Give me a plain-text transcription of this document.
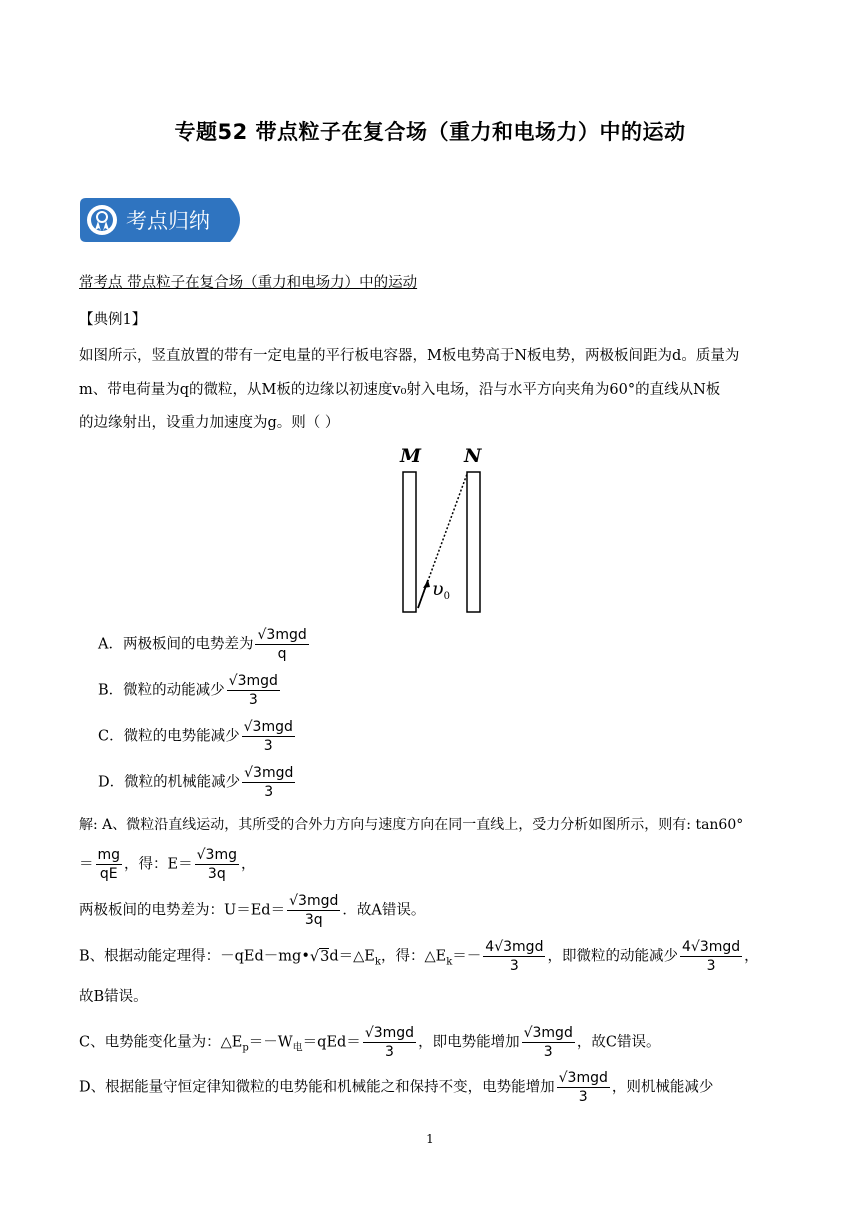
专题52 带点粒子在复合场（重力和电场力）中的运动
考点归纳
常考点 带点粒子在复合场（重力和电场力）中的运动
【典例1】
如图所示，竖直放置的带有一定电量的平行板电容器，M板电势高于N板电势，两极板间距为d。质量为
m、带电荷量为q的微粒，从M板的边缘以初速度v₀射入电场，沿与水平方向夹角为60°的直线从N板
的边缘射出，设重力加速度为g。则（ ）
M N
$\upsilon_0$
A．两极板间的电势差为 $\frac{\text{√3mgd}}{q}$
B．微粒的动能减少 $\frac{\text{√3mgd}}{3}$
C．微粒的电势能减少 $\frac{\text{√3mgd}}{3}$
D．微粒的机械能减少 $\frac{\text{√3mgd}}{3}$
解: A、微粒沿直线运动，其所受的合外力方向与速度方向在同一直线上，受力分析如图所示，则有: tan60°
＝ $\frac{mg}{qE}$ ，得：$E= \frac{√3mg}{3q}$ ，
两极板间的电势差为：$U=Ed= \frac{\text{√3mgd}}{3q}$ ．故A错误。
B、根据动能定理得：$-qEd-mg•√3d=\triangle E_k$，得：$\triangle E_k=- \frac{\text{4√3mgd}}{3}$ ，即微粒的动能减少 $\frac{\text{4√3mgd}}{3}$ ，
故B错误。
C、电势能变化量为：$\triangle E_p=-W_电=qEd= \frac{\text{√3mgd}}{3}$ ，即电势能增加 $\frac{\text{√3mgd}}{3}$ ，故C错误。
D、根据能量守恒定律知微粒的电势能和机械能之和保持不变，电势能增加 $\frac{\text{√3mgd}}{3}$ ，则机械能减少
1
